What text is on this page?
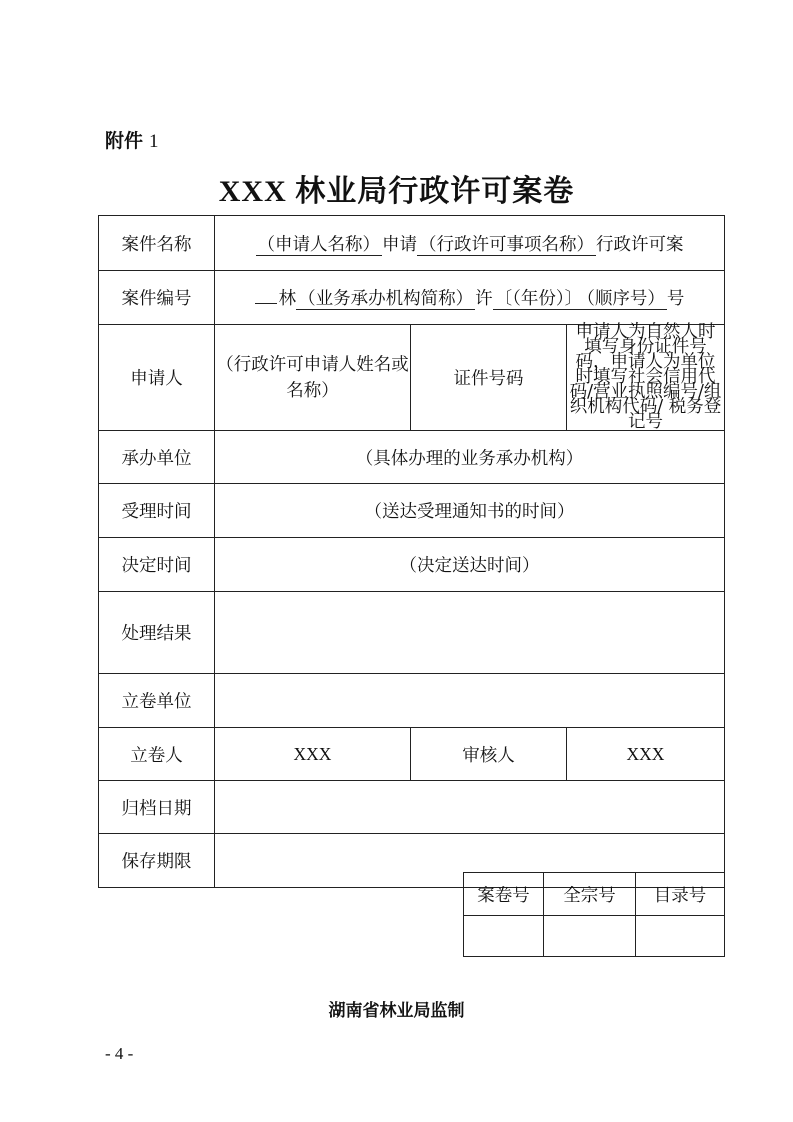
附件 1
XXX 林业局行政许可案卷
案件名称	（申请人名称） 申请 （行政许可事项名称） 行政许可案		
案件编号	林 （业务承办机构简称） 许 〔（年份）〕 （顺序号） 号		
申请人	（行政许可申请人姓名或名称）	证件号码	申请人为自然人时填写身份证件号码，申请人为单位时填写社会信用代码/营业执照编号/组织机构代码/ 税务登记号
承办单位	（具体办理的业务承办机构）		
受理时间	（送达受理通知书的时间）		
决定时间	（决定送达时间）		
处理结果			
立卷单位			
立卷人	XXX	审核人	XXX
归档日期			
保存期限			
案卷号	全宗号	目录号

湖南省林业局监制
- 4 -
